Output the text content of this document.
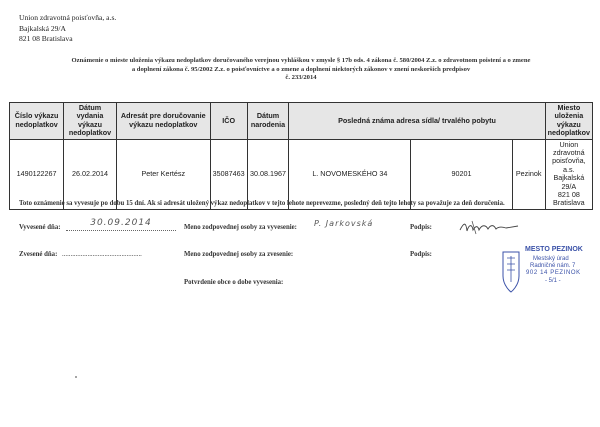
Union zdravotná poisťovňa, a.s.
Bajkalská 29/A
821 08 Bratislava
Oznámenie o mieste uloženia výkazu nedoplatkov doručovaného verejnou vyhláškou v zmysle § 17b ods. 4 zákona č. 580/2004 Z.z. o zdravotnom poistení a o zmene
a doplnení zákona č. 95/2002 Z.z. o poisťovníctve a o zmene a doplnení niektorých zákonov v znení neskorších predpisov
č. 233/2014
Číslo výkazu nedoplatkov	Dátum vydania výkazu nedoplatkov	Adresát pre doručovanie výkazu nedoplatkov	IČO	Dátum narodenia	Posledná známa adresa sídla/ trvalého pobytu			Miesto uloženia výkazu nedoplatkov
1490122267	26.02.2014	Peter Kertész	35087463	30.08.1967	L. NOVOMESKÉHO 34	90201	Pezinok	Union zdravotná poisťovňa,
a.s.
Bajkalská 29/A
821 08 Bratislava
Toto oznámenie sa vyvesuje po dobu 15 dní. Ak si adresát uložený výkaz nedoplatkov v tejto lehote neprevezme, posledný deň tejto lehoty sa považuje za deň doručenia.
Vyvesené dňa:	30.09.2014	Meno zodpovednej osoby za vyvesenie: P. Jarkovská	Podpis:
Zvesené dňa: ...............................................	Meno zodpovednej osoby za zvesenie:	Podpis:
MESTO PEZINOK
Mestský úrad
Radničné nám. 7
902 14 PEZINOK
- 5/1 -
Potvrdenie obce o dobe vyvesenia:
